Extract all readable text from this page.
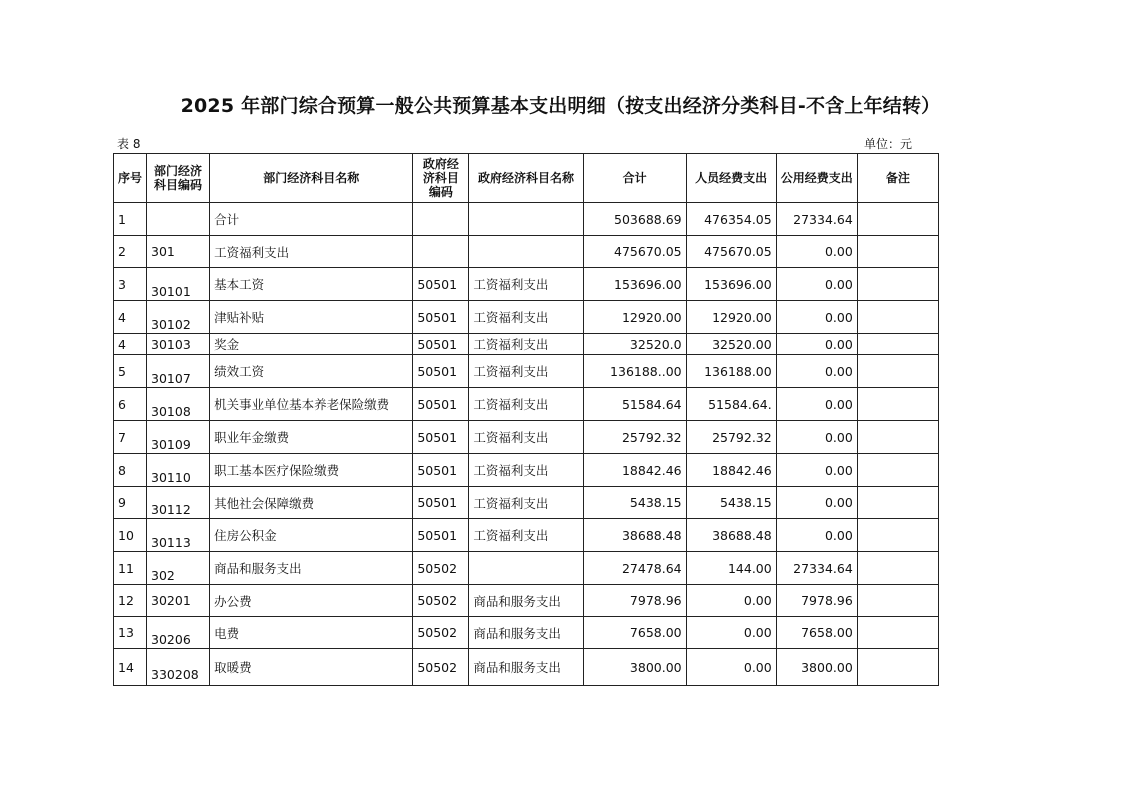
2025 年部门综合预算一般公共预算基本支出明细（按支出经济分类科目-不含上年结转）
表 8	单位：元
序号	部门经济科目编码	部门经济科目名称	政府经济科目编码	政府经济科目名称	合计	人员经费支出	公用经费支出	备注
1		合计			503688.69	476354.05	27334.64	
2	301	工资福利支出			475670.05	475670.05	0.00	
3	30101	基本工资	50501	工资福利支出	153696.00	153696.00	0.00	
4	30102	津贴补贴	50501	工资福利支出	12920.00	12920.00	0.00	
4	30103	奖金	50501	工资福利支出	32520.0	32520.00	0.00	
5	30107	绩效工资	50501	工资福利支出	136188..00	136188.00	0.00	
6	30108	机关事业单位基本养老保险缴费	50501	工资福利支出	51584.64	51584.64.	0.00	
7	30109	职业年金缴费	50501	工资福利支出	25792.32	25792.32	0.00	
8	30110	职工基本医疗保险缴费	50501	工资福利支出	18842.46	18842.46	0.00	
9	30112	其他社会保障缴费	50501	工资福利支出	5438.15	5438.15	0.00	
10	30113	住房公积金	50501	工资福利支出	38688.48	38688.48	0.00	
11	302	商品和服务支出	50502		27478.64	144.00	27334.64	
12	30201	办公费	50502	商品和服务支出	7978.96	0.00	7978.96	
13	30206	电费	50502	商品和服务支出	7658.00	0.00	7658.00	
14	330208	取暖费	50502	商品和服务支出	3800.00	0.00	3800.00	
